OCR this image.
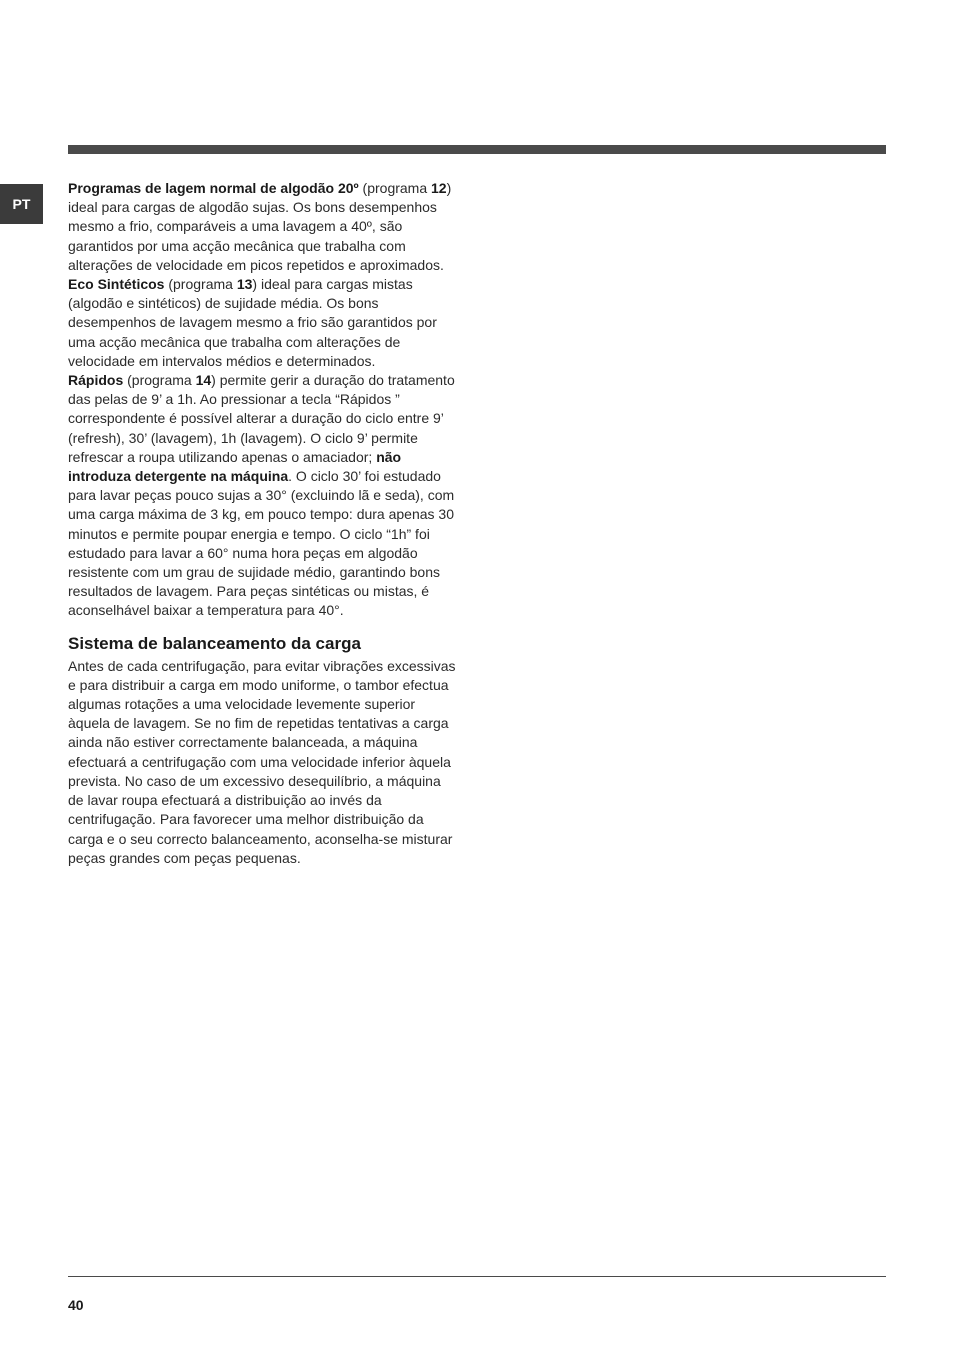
PT

Programas de lagem normal de algodão 20º (programa 12) ideal para cargas de algodão sujas. Os bons desempenhos mesmo a frio, comparáveis a uma lavagem a 40º, são garantidos por uma acção mecânica que trabalha com alterações de velocidade em picos repetidos e aproximados.

Eco Sintéticos (programa 13) ideal para cargas mistas (algodão e sintéticos) de sujidade média. Os bons desempenhos de lavagem mesmo a frio são garantidos por uma acção mecânica que trabalha com alterações de velocidade em intervalos médios e determinados.

Rápidos (programa 14) permite gerir a duração do tratamento das pelas de 9’ a 1h. Ao pressionar a tecla “Rápidos ” correspondente é possível alterar a duração do ciclo entre 9’ (refresh), 30’ (lavagem), 1h (lavagem). O ciclo 9’ permite refrescar a roupa utilizando apenas o amaciador; não introduza detergente na máquina. O ciclo 30’ foi estudado para lavar peças pouco sujas a 30° (excluindo lã e seda), com uma carga máxima de 3 kg, em pouco tempo: dura apenas 30 minutos e permite poupar energia e tempo. O ciclo “1h” foi estudado para lavar a 60° numa hora peças em algodão resistente com um grau de sujidade médio, garantindo bons resultados de lavagem. Para peças sintéticas ou mistas, é aconselhável baixar a temperatura para 40°.

Sistema de balanceamento da carga

Antes de cada centrifugação, para evitar vibrações excessivas e para distribuir a carga em modo uniforme, o tambor efectua algumas rotações a uma velocidade levemente superior àquela de lavagem. Se no fim de repetidas tentativas a carga ainda não estiver correctamente balanceada, a máquina efectuará a centrifugação com uma velocidade inferior àquela prevista. No caso de um excessivo desequilíbrio, a máquina de lavar roupa efectuará a distribuição ao invés da centrifugação. Para favorecer uma melhor distribuição da carga e o seu correcto balanceamento, aconselha-se misturar peças grandes com peças pequenas.

40
